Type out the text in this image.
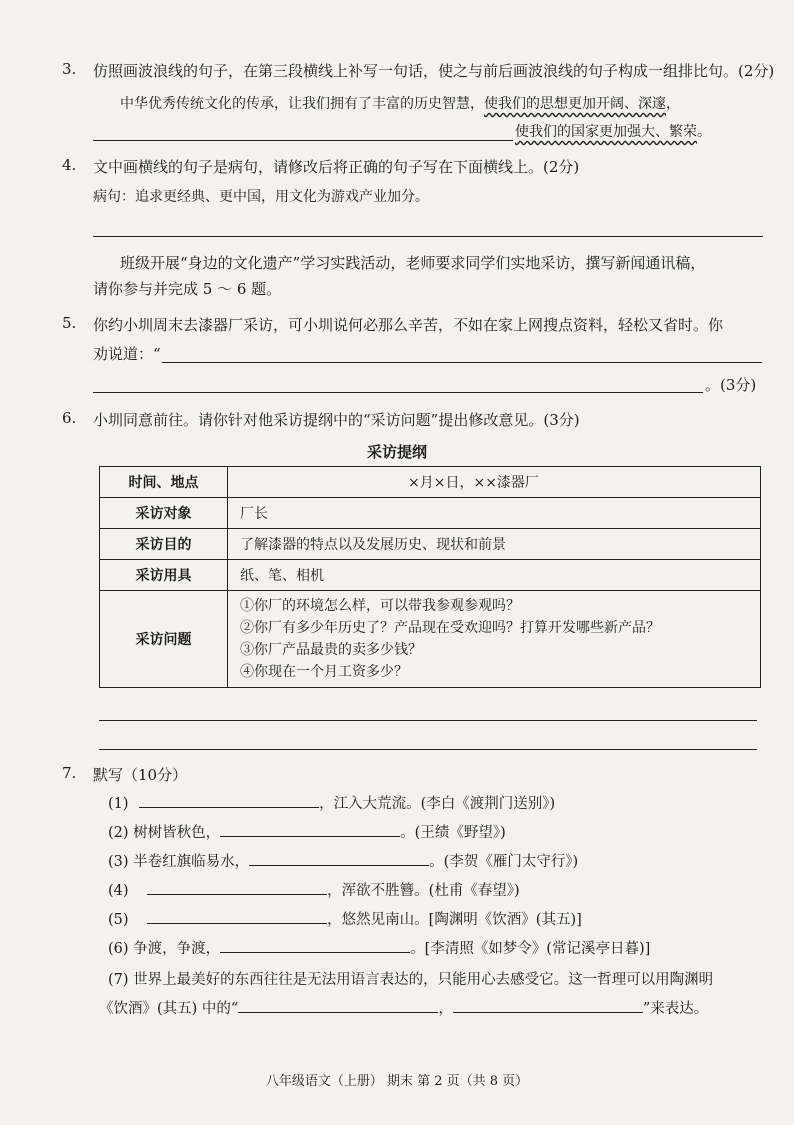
3. 仿照画波浪线的句子，在第三段横线上补写一句话，使之与前后画波浪线的句子构成一组排比句。(2分)
中华优秀传统文化的传承，让我们拥有了丰富的历史智慧，使我们的思想更加开阔、深邃，
使我们的国家更加强大、繁荣。
4. 文中画横线的句子是病句，请修改后将正确的句子写在下面横线上。(2分)
病句：追求更经典、更中国，用文化为游戏产业加分。
班级开展“身边的文化遗产”学习实践活动，老师要求同学们实地采访，撰写新闻通讯稿，
请你参与并完成 5 ～ 6 题。
5. 你约小圳周末去漆器厂采访，可小圳说何必那么辛苦，不如在家上网搜点资料，轻松又省时。你
劝说道：“
。(3分)
6. 小圳同意前往。请你针对他采访提纲中的“采访问题”提出修改意见。(3分)
采访提纲
时间、地点	×月×日，××漆器厂
采访对象	厂长
采访目的	了解漆器的特点以及发展历史、现状和前景
采访用具	纸、笔、相机
采访问题	①你厂的环境怎么样，可以带我参观参观吗？
②你厂有多少年历史了？产品现在受欢迎吗？打算开发哪些新产品？
③你厂产品最贵的卖多少钱？
④你现在一个月工资多少？
7. 默写（10分）
(1)	，江入大荒流。(李白《渡荆门送别》)
(2) 树树皆秋色，	。(王绩《野望》)
(3) 半卷红旗临易水，	。(李贺《雁门太守行》)
(4)	，浑欲不胜簪。(杜甫《春望》)
(5)	，悠然见南山。[陶渊明《饮酒》(其五)]
(6) 争渡，争渡，	。[李清照《如梦令》(常记溪亭日暮)]
(7) 世界上最美好的东西往往是无法用语言表达的，只能用心去感受它。这一哲理可以用陶渊明
《饮酒》(其五) 中的“	，	”来表达。
八年级语文（上册） 期末 第 2 页（共 8 页）
